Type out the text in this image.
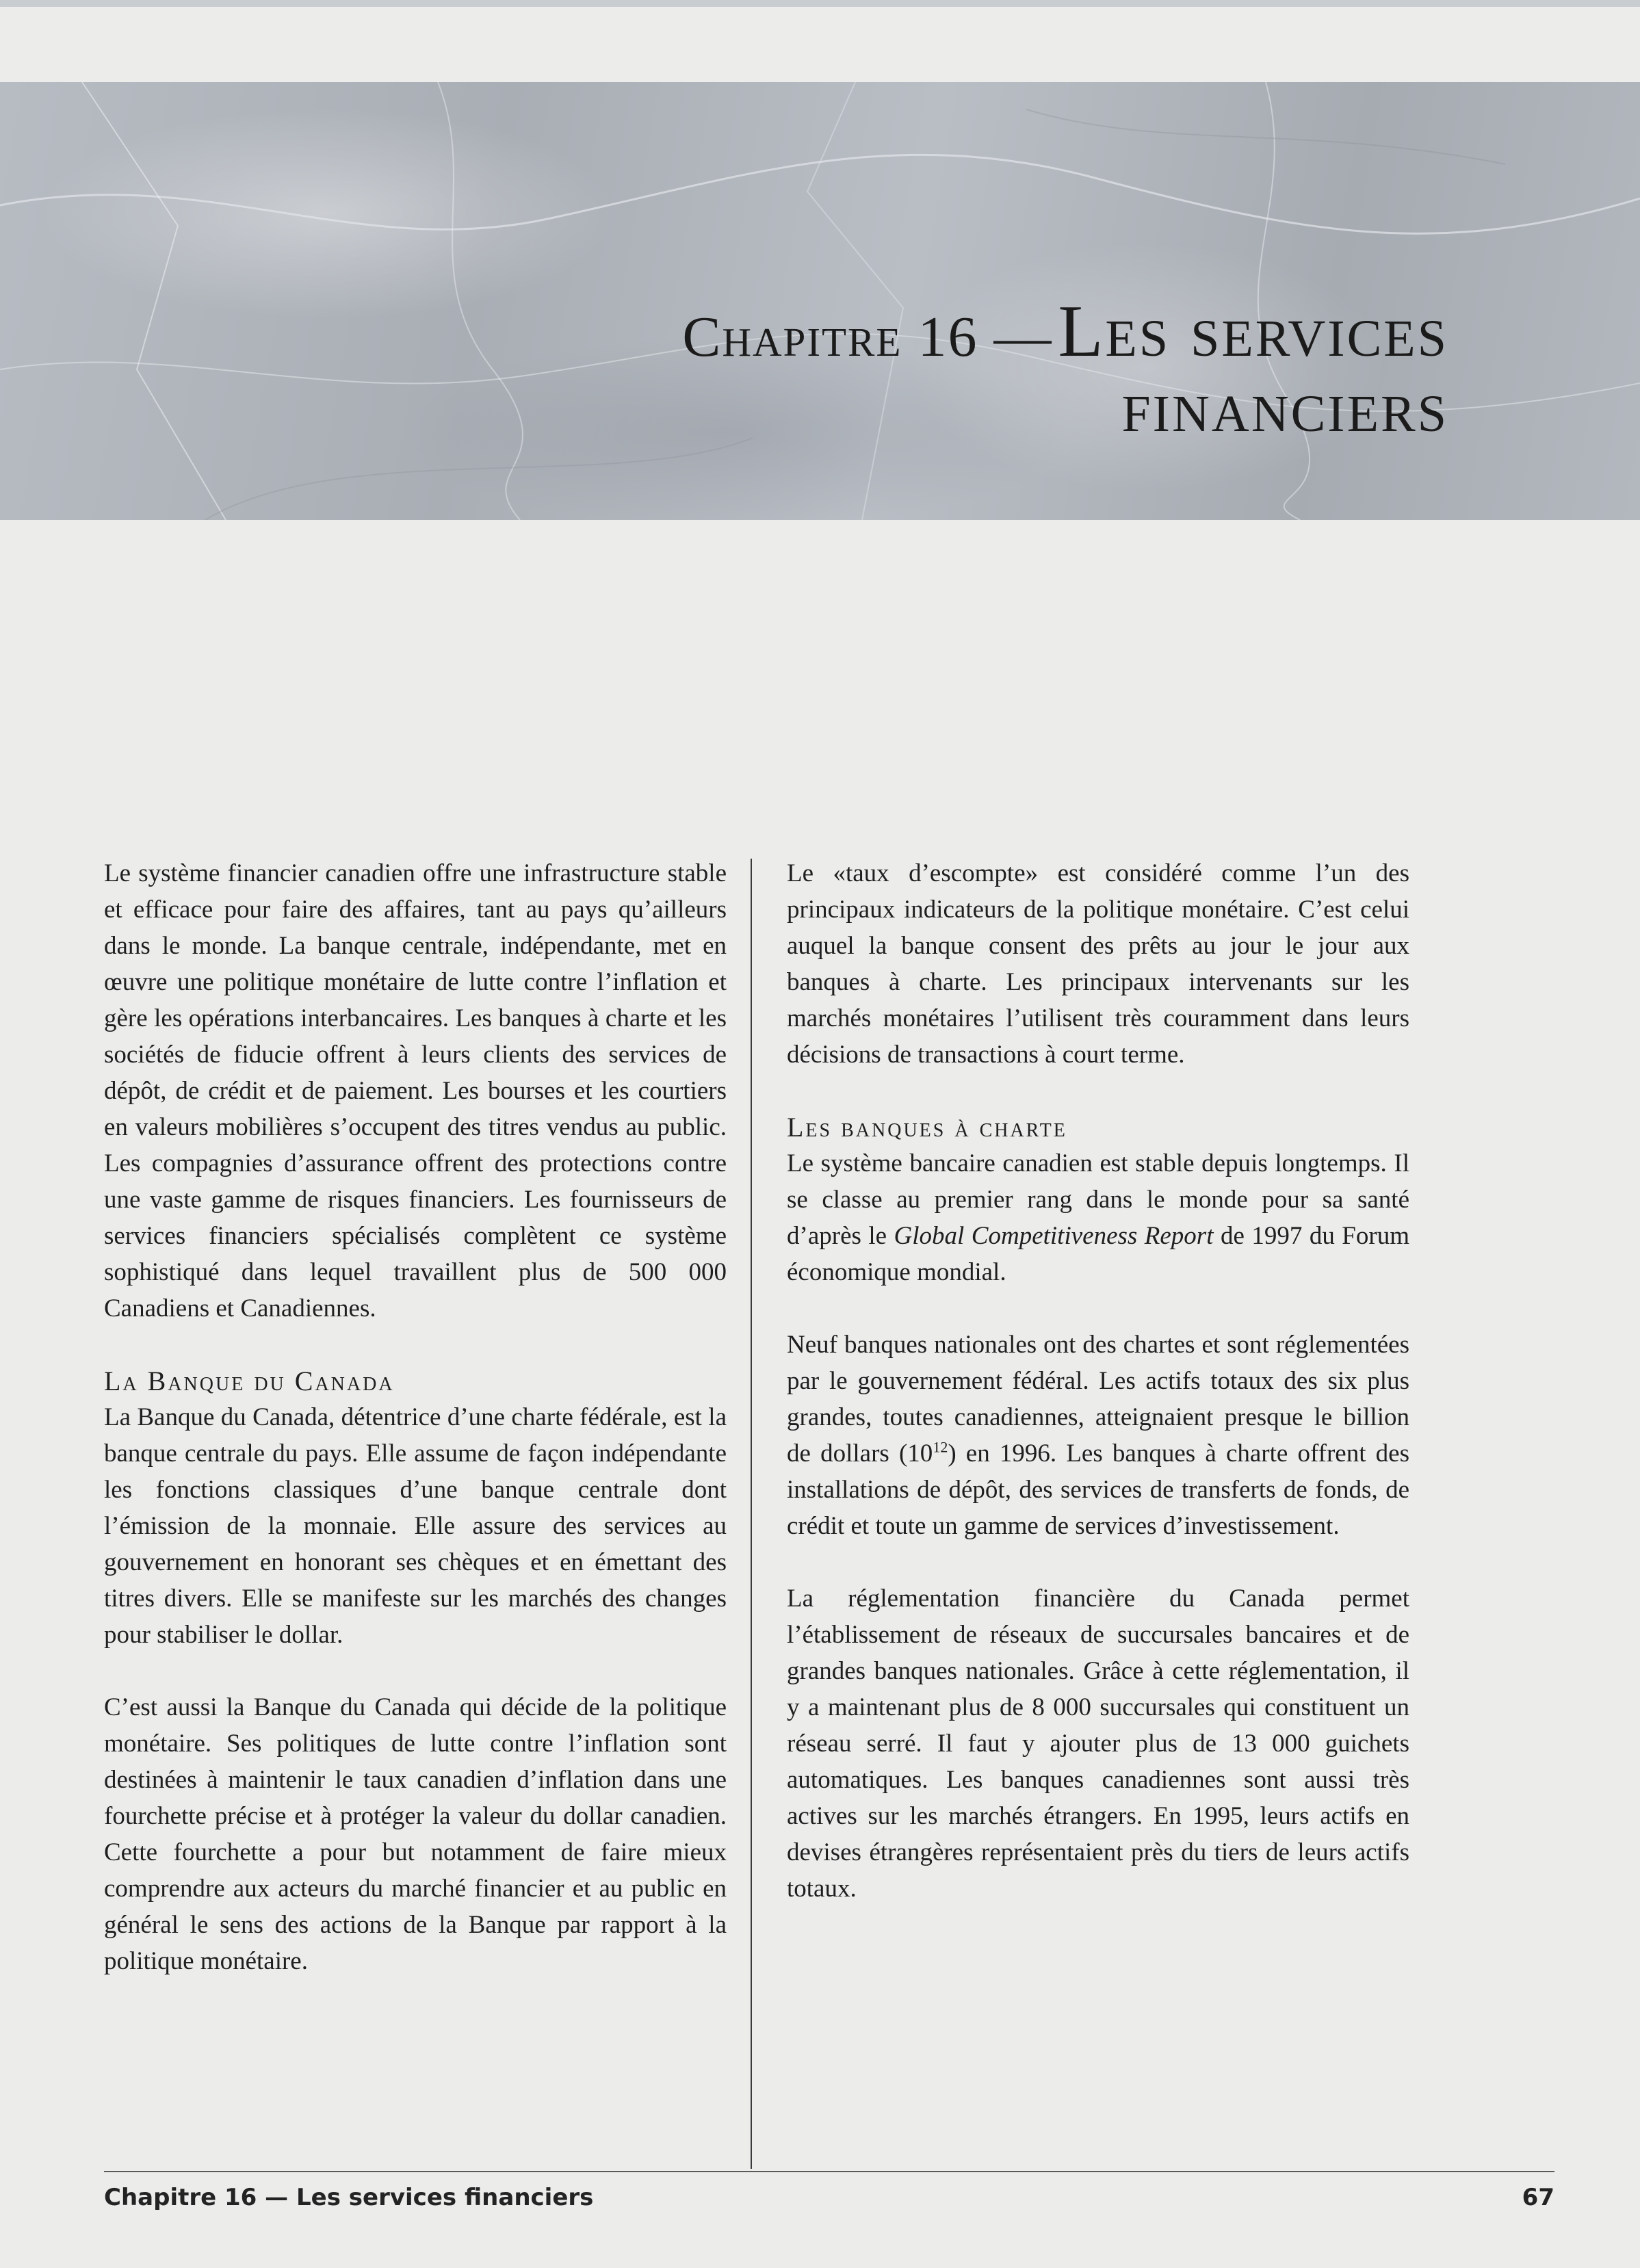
Chapitre 16 — Les services
financiers

Le système financier canadien offre une infrastructure stable et efficace pour faire des affaires, tant au pays qu’ailleurs dans le monde. La banque centrale, indépendante, met en œuvre une politique monétaire de lutte contre l’inflation et gère les opérations interbancaires. Les banques à charte et les sociétés de fiducie offrent à leurs clients des services de dépôt, de crédit et de paiement. Les bourses et les courtiers en valeurs mobilières s’occupent des titres vendus au public. Les compagnies d’assurance offrent des protections contre une vaste gamme de risques financiers. Les fournisseurs de services financiers spécialisés complètent ce système sophistiqué dans lequel travaillent plus de 500 000 Canadiens et Canadiennes.

La Banque du Canada

La Banque du Canada, détentrice d’une charte fédérale, est la banque centrale du pays. Elle assume de façon indépendante les fonctions classiques d’une banque centrale dont l’émission de la monnaie. Elle assure des services au gouvernement en honorant ses chèques et en émettant des titres divers. Elle se manifeste sur les marchés des changes pour stabiliser le dollar.

C’est aussi la Banque du Canada qui décide de la politique monétaire. Ses politiques de lutte contre l’inflation sont destinées à maintenir le taux canadien d’inflation dans une fourchette précise et à protéger la valeur du dollar canadien. Cette fourchette a pour but notamment de faire mieux comprendre aux acteurs du marché financier et au public en général le sens des actions de la Banque par rapport à la politique monétaire.

Le «taux d’escompte» est considéré comme l’un des principaux indicateurs de la politique monétaire. C’est celui auquel la banque consent des prêts au jour le jour aux banques à charte. Les principaux intervenants sur les marchés monétaires l’utilisent très couramment dans leurs décisions de transactions à court terme.

Les banques à charte

Le système bancaire canadien est stable depuis longtemps. Il se classe au premier rang dans le monde pour sa santé d’après le Global Competitiveness Report de 1997 du Forum économique mondial.

Neuf banques nationales ont des chartes et sont réglementées par le gouvernement fédéral. Les actifs totaux des six plus grandes, toutes canadiennes, atteignaient presque le billion de dollars $(10^{12})$ en 1996. Les banques à charte offrent des installations de dépôt, des services de transferts de fonds, de crédit et toute un gamme de services d’investissement.

La réglementation financière du Canada permet l’établissement de réseaux de succursales bancaires et de grandes banques nationales. Grâce à cette réglementation, il y a maintenant plus de 8 000 succursales qui constituent un réseau serré. Il faut y ajouter plus de 13 000 guichets automatiques. Les banques canadiennes sont aussi très actives sur les marchés étrangers. En 1995, leurs actifs en devises étrangères représentaient près du tiers de leurs actifs totaux.

Chapitre 16 — Les services financiers	67
